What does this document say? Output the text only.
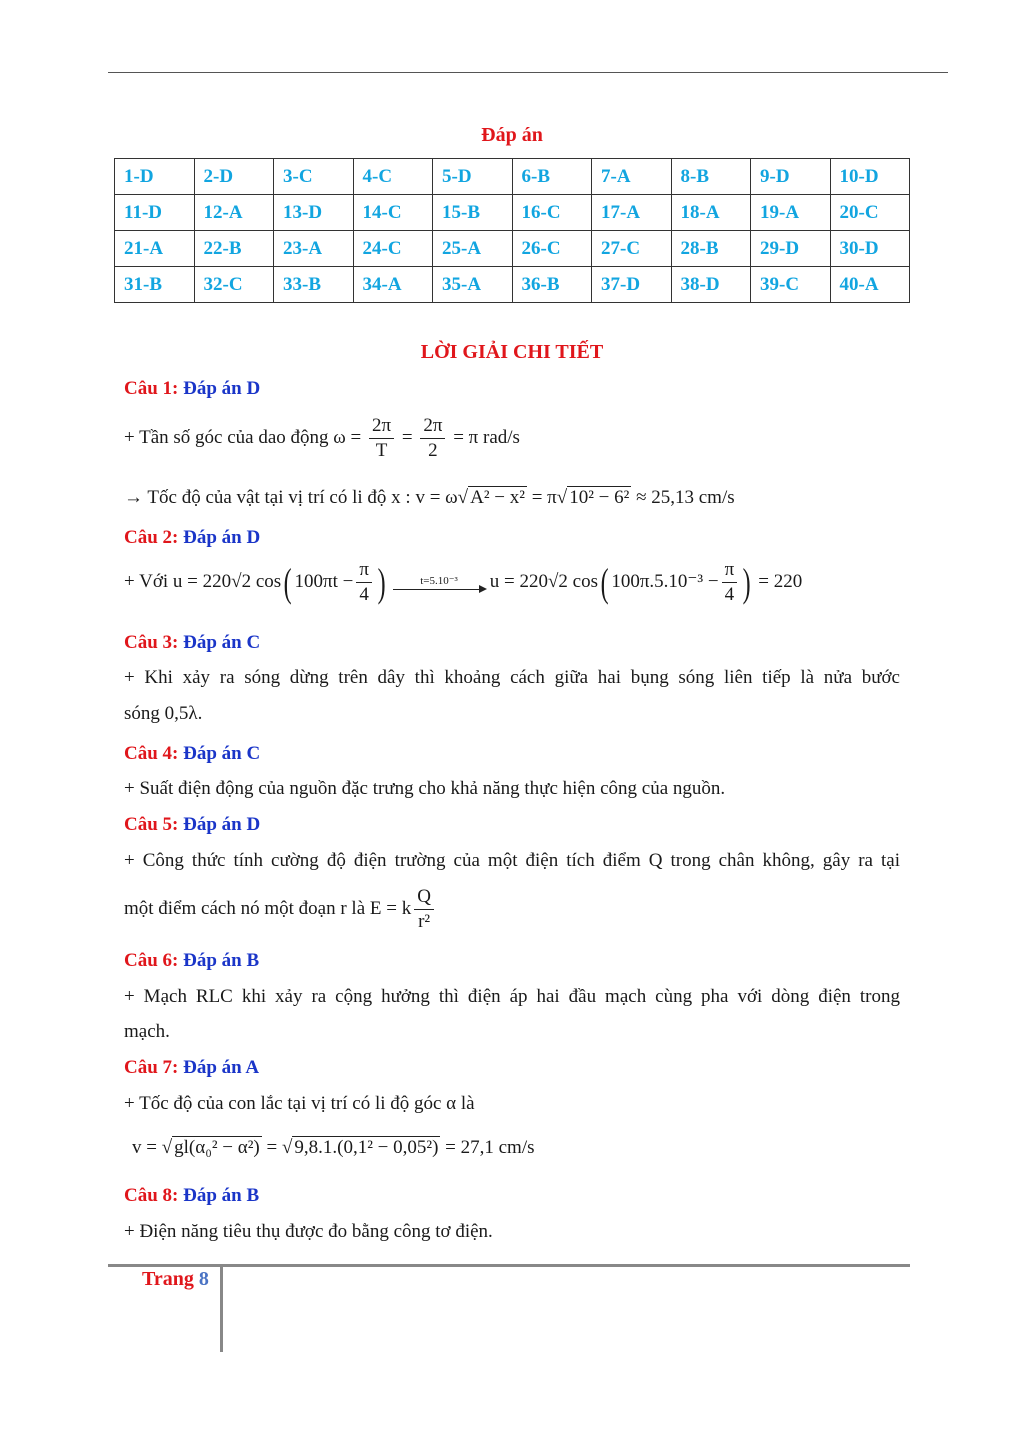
Đáp án
1-D	2-D	3-C	4-C	5-D	6-B	7-A	8-B	9-D	10-D
11-D	12-A	13-D	14-C	15-B	16-C	17-A	18-A	19-A	20-C
21-A	22-B	23-A	24-C	25-A	26-C	27-C	28-B	29-D	30-D
31-B	32-C	33-B	34-A	35-A	36-B	37-D	38-D	39-C	40-A
LỜI GIẢI CHI TIẾT
Câu 1: Đáp án D
+ Tần số góc của dao động $\omega = \frac{2\pi}{T} = \frac{2\pi}{2} = \pi$ rad/s
→ Tốc độ của vật tại vị trí có li độ x : v = ω√ A² − x² = π√ 10² − 6² ≈ 25,13 cm/s
Câu 2: Đáp án D
+ Với u = 220√2 cos( $100\pi t - \frac{\pi}{4}$ )	t=5.10⁻³	u = 220√2 cos( $100\pi.5.10^{-3} - \frac{\pi}{4}$ ) = 220
Câu 3: Đáp án C
+ Khi xảy ra sóng dừng trên dây thì khoảng cách giữa hai bụng sóng liên tiếp là nửa bước
sóng 0,5λ.
Câu 4: Đáp án C
+ Suất điện động của nguồn đặc trưng cho khả năng thực hiện công của nguồn.
Câu 5: Đáp án D
+ Công thức tính cường độ điện trường của một điện tích điểm Q trong chân không, gây ra tại
một điểm cách nó một đoạn r là E = k $\frac{Q}{\text{r²}}$
Câu 6: Đáp án B
+ Mạch RLC khi xảy ra cộng hưởng thì điện áp hai đầu mạch cùng pha với dòng điện trong
mạch.
Câu 7: Đáp án A
+ Tốc độ của con lắc tại vị trí có li độ góc α là
v = √ gl(α₀² − α²) = √ 9,8.1.(0,1² − 0,05²) = 27,1 cm/s
Câu 8: Đáp án B
+ Điện năng tiêu thụ được đo bằng công tơ điện.
Trang 8
